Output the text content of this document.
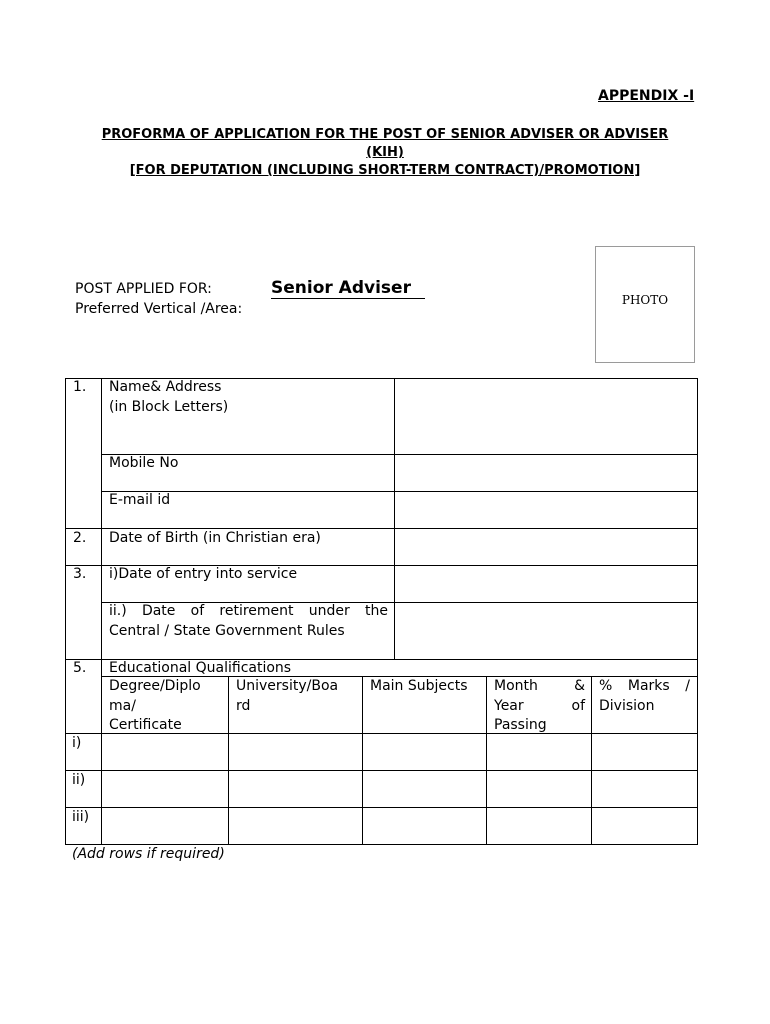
APPENDIX -I
PROFORMA OF APPLICATION FOR THE POST OF SENIOR ADVISER OR ADVISER
(KIH)
[FOR DEPUTATION (INCLUDING SHORT-TERM CONTRACT)/PROMOTION]
POST APPLIED FOR:	Senior Adviser
Preferred Vertical /Area:
PHOTO
1. Name& Address
(in Block Letters)
Mobile No
E-mail id
2. Date of Birth (in Christian era)
3. i)Date of entry into service
ii.) Date of retirement under the
Central / State Government Rules
5. Educational Qualifications
Degree/Diplo
ma/
Certificate
University/Boa
rd
Main Subjects Month &
Year of
Passing
% Marks /
Division
i)
ii)
iii)
(Add rows if required)
